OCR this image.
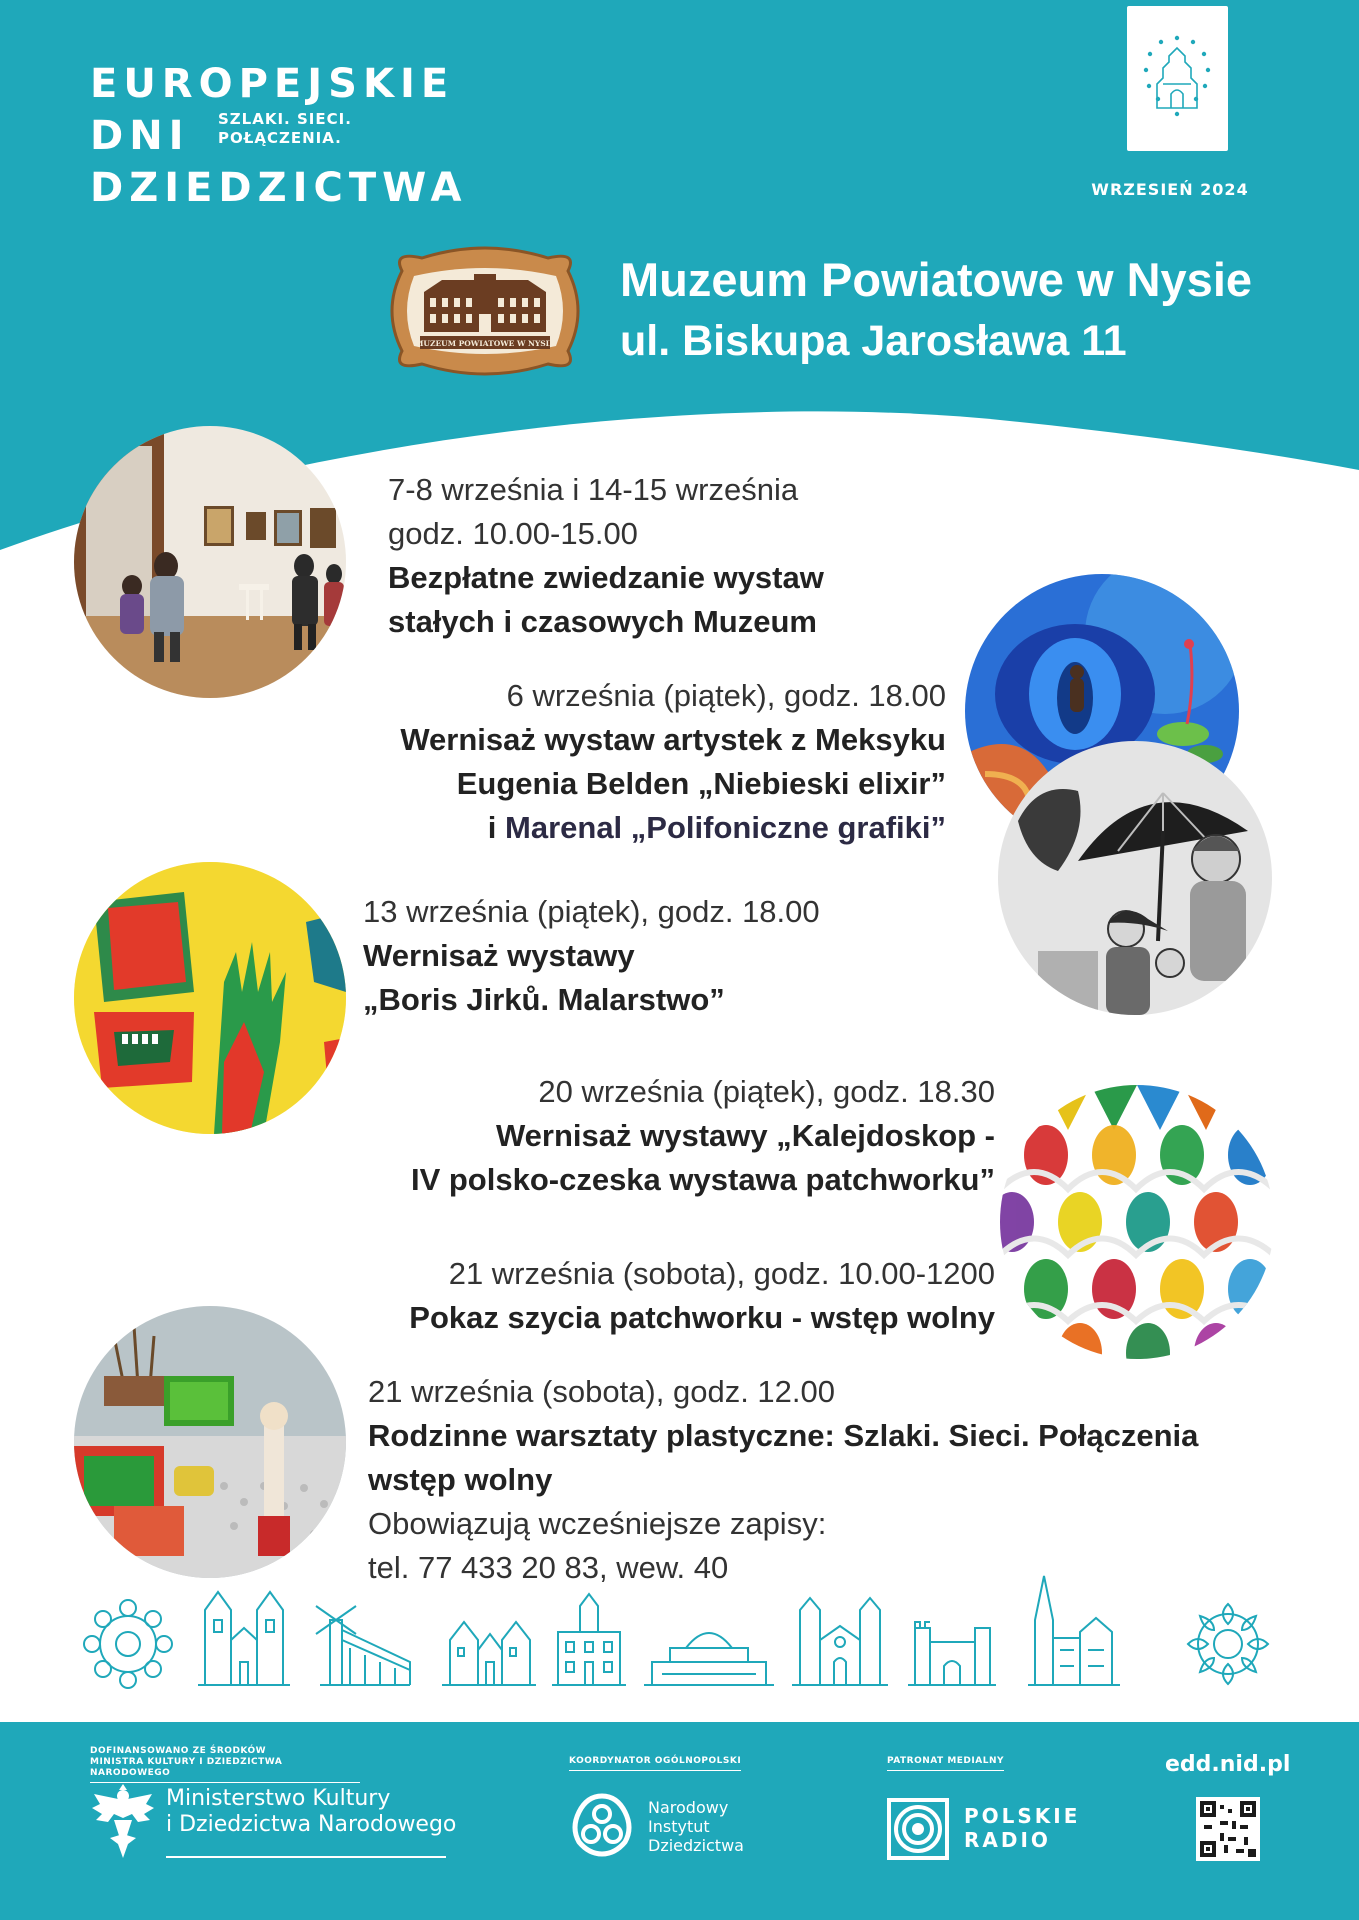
EUROPEJSKIE
DNI
DZIEDZICTWA
SZLAKI. SIECI.
POŁĄCZENIA.
WRZESIEŃ 2024
MUZEUM POWIATOWE W NYSIE
Muzeum Powiatowe w Nysie
ul. Biskupa Jarosława 11
7-8 września i 14-15 września
godz. 10.00-15.00
Bezpłatne zwiedzanie wystaw
stałych i czasowych Muzeum
6 września (piątek), godz. 18.00
Wernisaż wystaw artystek z Meksyku
Eugenia Belden „Niebieski elixir”
i Marenal „Polifoniczne grafiki”
13 września (piątek), godz. 18.00
Wernisaż wystawy
„Boris Jirků. Malarstwo”
20 września (piątek), godz. 18.30
Wernisaż wystawy „Kalejdoskop -
IV polsko-czeska wystawa patchworku”
21 września (sobota), godz. 10.00-1200
Pokaz szycia patchworku - wstęp wolny
21 września (sobota), godz. 12.00
Rodzinne warsztaty plastyczne: Szlaki. Sieci. Połączenia
wstęp wolny
Obowiązują wcześniejsze zapisy:
tel. 77 433 20 83, wew. 40
DOFINANSOWANO ZE ŚRODKÓW
MINISTRA KULTURY I DZIEDZICTWA NARODOWEGO
Ministerstwo Kultury
i Dziedzictwa Narodowego
KOORDYNATOR OGÓLNOPOLSKI
Narodowy
Instytut
Dziedzictwa
PATRONAT MEDIALNY
POLSKIE
RADIO
edd.nid.pl
